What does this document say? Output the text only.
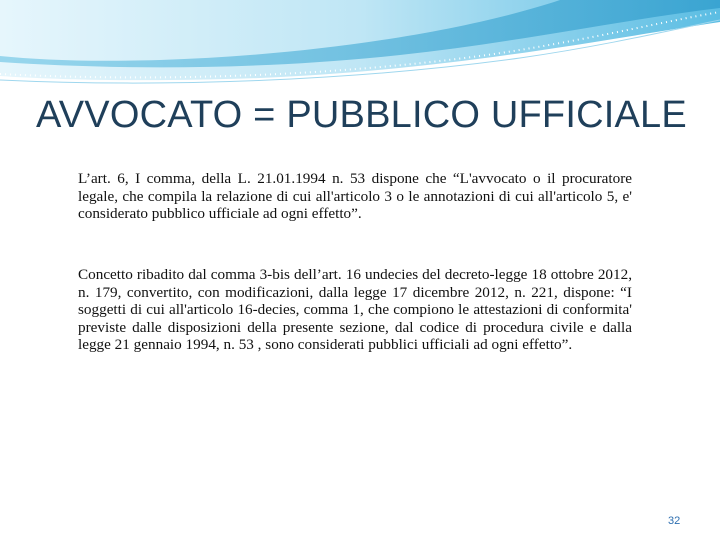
AVVOCATO = PUBBLICO UFFICIALE
L’art. 6, I comma, della L. 21.01.1994 n. 53 dispone che “L'avvocato o il procuratore legale, che compila la relazione di cui all'articolo 3 o le annotazioni di cui all'articolo 5, e' considerato pubblico ufficiale ad ogni effetto”.
Concetto ribadito dal comma 3-bis dell’art. 16 undecies del decreto-legge 18 ottobre 2012, n. 179, convertito, con modificazioni, dalla legge 17 dicembre 2012, n. 221, dispone: “I soggetti di cui all'articolo 16-decies, comma 1, che compiono le attestazioni di conformita' previste dalle disposizioni della presente sezione, dal codice di procedura civile e dalla legge 21 gennaio 1994, n. 53 , sono considerati pubblici ufficiali ad ogni effetto”.
32
